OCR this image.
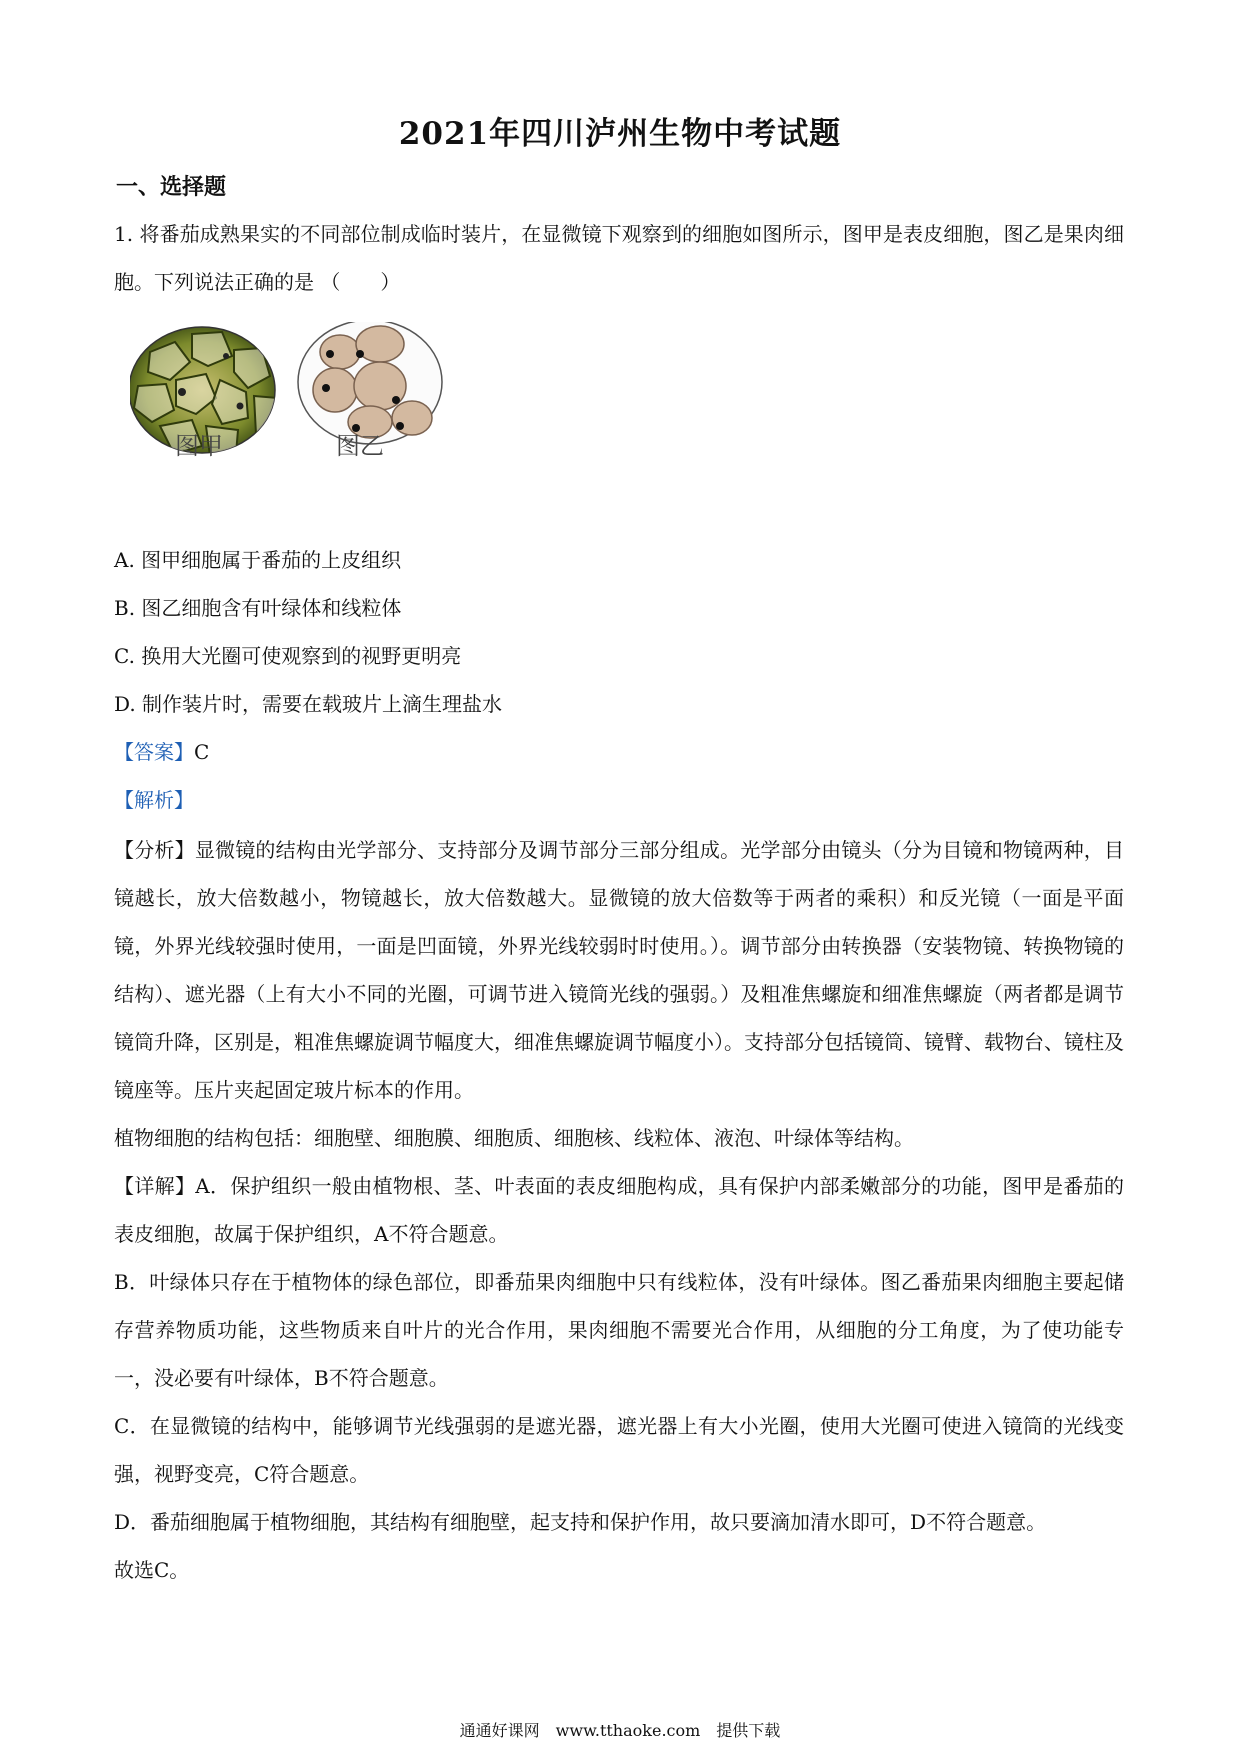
2021年四川泸州生物中考试题
一、选择题
1. 将番茄成熟果实的不同部位制成临时装片，在显微镜下观察到的细胞如图所示，图甲是表皮细胞，图乙是果肉细胞。下列说法正确的是 （　　）
图甲	图乙
A. 图甲细胞属于番茄的上皮组织
B. 图乙细胞含有叶绿体和线粒体
C. 换用大光圈可使观察到的视野更明亮
D. 制作装片时，需要在载玻片上滴生理盐水
【答案】C
【解析】

【分析】显微镜的结构由光学部分、支持部分及调节部分三部分组成。光学部分由镜头（分为目镜和物镜两种，目镜越长，放大倍数越小，物镜越长，放大倍数越大。显微镜的放大倍数等于两者的乘积）和反光镜（一面是平面镜，外界光线较强时使用，一面是凹面镜，外界光线较弱时时使用。）。调节部分由转换器（安装物镜、转换物镜的结构）、遮光器（上有大小不同的光圈，可调节进入镜筒光线的强弱。）及粗准焦螺旋和细准焦螺旋（两者都是调节镜筒升降，区别是，粗准焦螺旋调节幅度大，细准焦螺旋调节幅度小）。支持部分包括镜筒、镜臂、载物台、镜柱及镜座等。压片夹起固定玻片标本的作用。

植物细胞的结构包括：细胞壁、细胞膜、细胞质、细胞核、线粒体、液泡、叶绿体等结构。

【详解】A．保护组织一般由植物根、茎、叶表面的表皮细胞构成，具有保护内部柔嫩部分的功能，图甲是番茄的表皮细胞，故属于保护组织，A不符合题意。

B．叶绿体只存在于植物体的绿色部位，即番茄果肉细胞中只有线粒体，没有叶绿体。图乙番茄果肉细胞主要起储存营养物质功能，这些物质来自叶片的光合作用，果肉细胞不需要光合作用，从细胞的分工角度，为了使功能专一，没必要有叶绿体，B不符合题意。

C．在显微镜的结构中，能够调节光线强弱的是遮光器，遮光器上有大小光圈，使用大光圈可使进入镜筒的光线变强，视野变亮，C符合题意。

D．番茄细胞属于植物细胞，其结构有细胞壁，起支持和保护作用，故只要滴加清水即可，D不符合题意。

故选C。

通通好课网　www.tthaoke.com　提供下载
